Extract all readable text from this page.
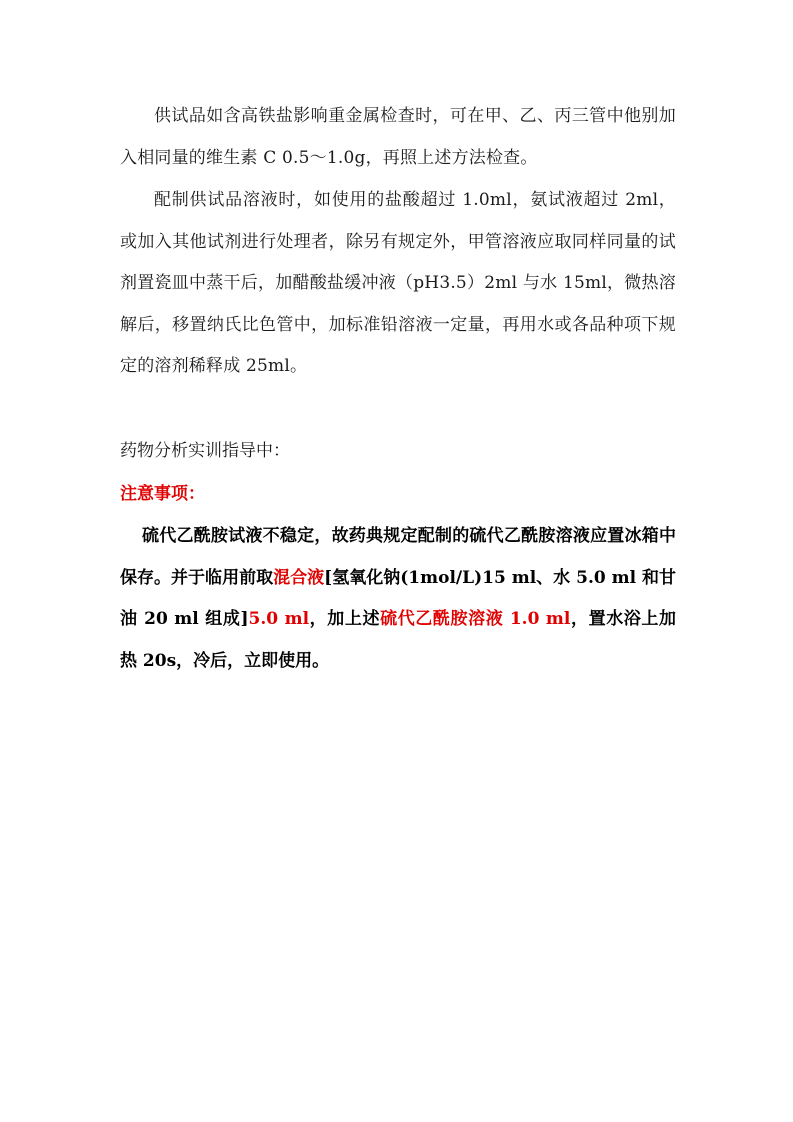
供试品如含高铁盐影响重金属检查时，可在甲、乙、丙三管中他别加入相同量的维生素 C 0.5～1.0g，再照上述方法检查。

配制供试品溶液时，如使用的盐酸超过 1.0ml，氨试液超过 2ml，或加入其他试剂进行处理者，除另有规定外，甲管溶液应取同样同量的试剂置瓷皿中蒸干后，加醋酸盐缓冲液（pH3.5）2ml 与水 15ml，微热溶解后，移置纳氏比色管中，加标准铅溶液一定量，再用水或各品种项下规定的溶剂稀释成 25ml。

药物分析实训指导中：

注意事项：

硫代乙酰胺试液不稳定，故药典规定配制的硫代乙酰胺溶液应置冰箱中保存。并于临用前取混合液[氢氧化钠(1mol/L)15 ml、水 5.0 ml 和甘油 20 ml 组成]5.0 ml，加上述硫代乙酰胺溶液 1.0 ml，置水浴上加热 20s，冷后，立即使用。
